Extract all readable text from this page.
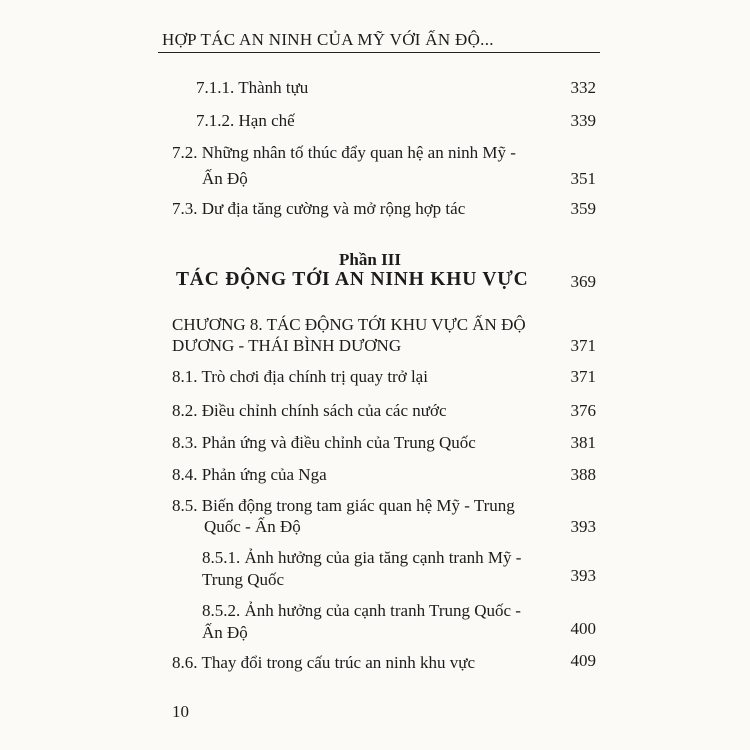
HỢP TÁC AN NINH CỦA MỸ VỚI ẤN ĐỘ...
7.1.1. Thành tựu	332
7.1.2. Hạn chế	339
7.2. Những nhân tố thúc đẩy quan hệ an ninh Mỹ -
Ấn Độ	351
7.3. Dư địa tăng cường và mở rộng hợp tác	359
Phần III
TÁC ĐỘNG TỚI AN NINH KHU VỰC	369
CHƯƠNG 8. TÁC ĐỘNG TỚI KHU VỰC ẤN ĐỘ
DƯƠNG - THÁI BÌNH DƯƠNG	371
8.1. Trò chơi địa chính trị quay trở lại	371
8.2. Điều chỉnh chính sách của các nước	376
8.3. Phản ứng và điều chỉnh của Trung Quốc	381
8.4. Phản ứng của Nga	388
8.5. Biến động trong tam giác quan hệ Mỹ - Trung
Quốc - Ấn Độ	393
8.5.1. Ảnh hưởng của gia tăng cạnh tranh Mỹ -
Trung Quốc	393
8.5.2. Ảnh hưởng của cạnh tranh Trung Quốc -
Ấn Độ	400
8.6. Thay đổi trong cấu trúc an ninh khu vực	409
10
